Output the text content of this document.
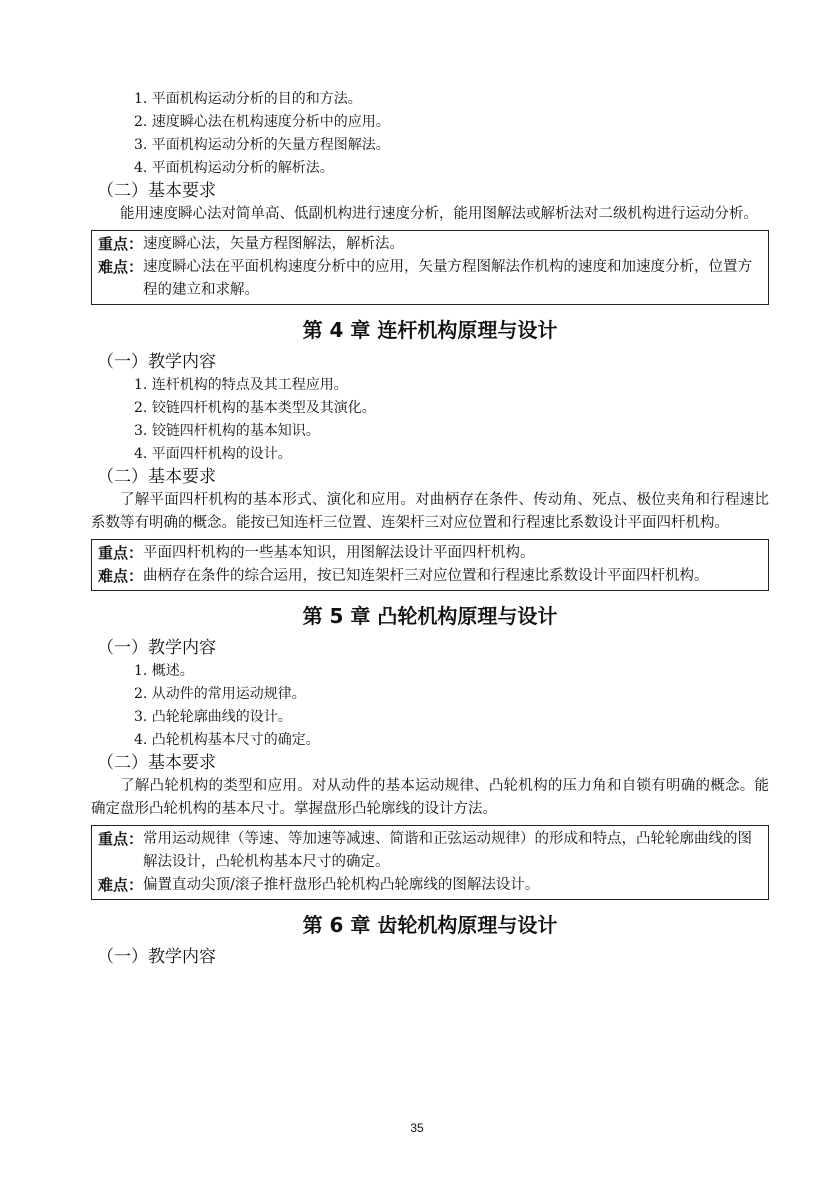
1. 平面机构运动分析的目的和方法。
2. 速度瞬心法在机构速度分析中的应用。
3. 平面机构运动分析的矢量方程图解法。
4. 平面机构运动分析的解析法。
（二）基本要求
能用速度瞬心法对简单高、低副机构进行速度分析，能用图解法或解析法对二级机构进行运动分析。
重点： 速度瞬心法，矢量方程图解法，解析法。
难点： 速度瞬心法在平面机构速度分析中的应用，矢量方程图解法作机构的速度和加速度分析，位置方程的建立和求解。
第 4 章 连杆机构原理与设计
（一）教学内容
1. 连杆机构的特点及其工程应用。
2. 铰链四杆机构的基本类型及其演化。
3. 铰链四杆机构的基本知识。
4. 平面四杆机构的设计。
（二）基本要求
了解平面四杆机构的基本形式、演化和应用。对曲柄存在条件、传动角、死点、极位夹角和行程速比系数等有明确的概念。能按已知连杆三位置、连架杆三对应位置和行程速比系数设计平面四杆机构。
重点： 平面四杆机构的一些基本知识，用图解法设计平面四杆机构。
难点： 曲柄存在条件的综合运用，按已知连架杆三对应位置和行程速比系数设计平面四杆机构。
第 5 章 凸轮机构原理与设计
（一）教学内容
1. 概述。
2. 从动件的常用运动规律。
3. 凸轮轮廓曲线的设计。
4. 凸轮机构基本尺寸的确定。
（二）基本要求
了解凸轮机构的类型和应用。对从动件的基本运动规律、凸轮机构的压力角和自锁有明确的概念。能确定盘形凸轮机构的基本尺寸。掌握盘形凸轮廓线的设计方法。
重点： 常用运动规律（等速、等加速等减速、简谐和正弦运动规律）的形成和特点，凸轮轮廓曲线的图解法设计，凸轮机构基本尺寸的确定。
难点： 偏置直动尖顶/滚子推杆盘形凸轮机构凸轮廓线的图解法设计。
第 6 章 齿轮机构原理与设计
（一）教学内容
35
